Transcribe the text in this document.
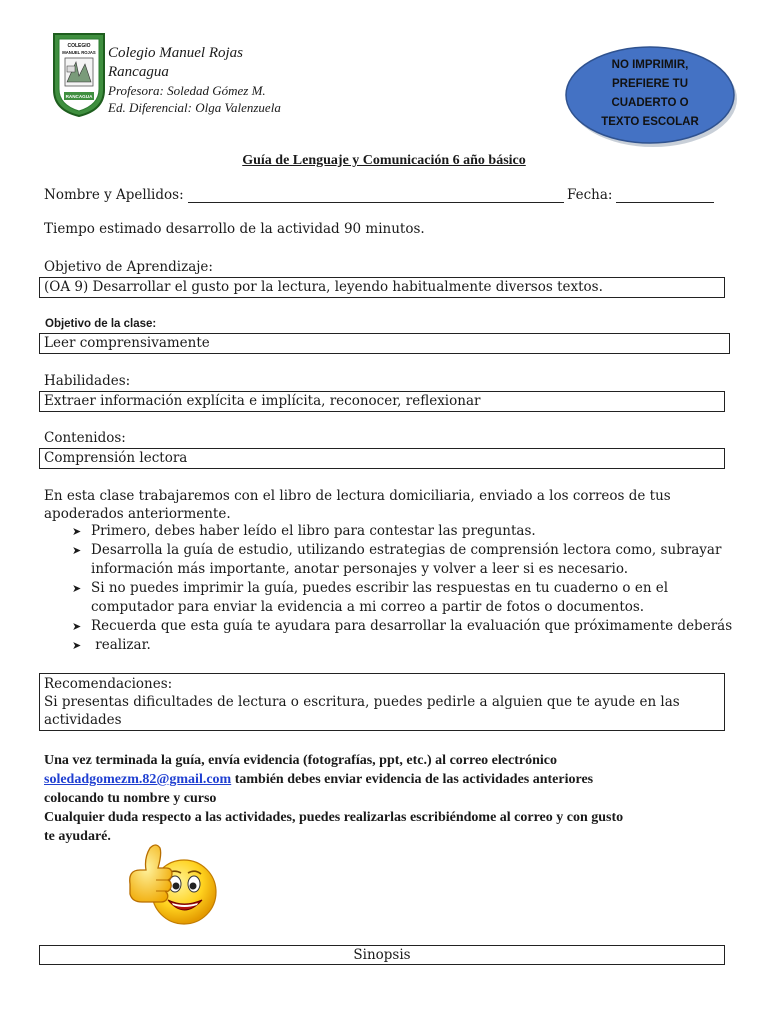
COLEGIO
MANUEL ROJAS
RANCAGUA
Colegio Manuel Rojas
Rancagua
Profesora: Soledad Gómez M.
Ed. Diferencial: Olga Valenzuela
NO IMPRIMIR,
PREFIERE TU
CUADERTO O
TEXTO ESCOLAR
Guía de Lenguaje y Comunicación 6 año básico
Nombre y Apellidos:	Fecha:
Tiempo estimado desarrollo de la actividad 90 minutos.
Objetivo de Aprendizaje:
(OA 9) Desarrollar el gusto por la lectura, leyendo habitualmente diversos textos.
Objetivo de la clase:
Leer comprensivamente
Habilidades:
Extraer información explícita e implícita, reconocer, reflexionar
Contenidos:
Comprensión lectora
En esta clase trabajaremos con el libro de lectura domiciliaria, enviado a los correos de tus
apoderados anteriormente.
➤ Primero, debes haber leído el libro para contestar las preguntas.
➤ Desarrolla la guía de estudio, utilizando estrategias de comprensión lectora como, subrayar
información más importante, anotar personajes y volver a leer si es necesario.
➤ Si no puedes imprimir la guía, puedes escribir las respuestas en tu cuaderno o en el
computador para enviar la evidencia a mi correo a partir de fotos o documentos.
➤ Recuerda que esta guía te ayudara para desarrollar la evaluación que próximamente deberás
➤ realizar.
Recomendaciones:
Si presentas dificultades de lectura o escritura, puedes pedirle a alguien que te ayude en las
actividades
Una vez terminada la guía, envía evidencia (fotografías, ppt, etc.) al correo electrónico
soledadgomezm.82@gmail.com también debes enviar evidencia de las actividades anteriores
colocando tu nombre y curso
Cualquier duda respecto a las actividades, puedes realizarlas escribiéndome al correo y con gusto
te ayudaré.
Sinopsis
